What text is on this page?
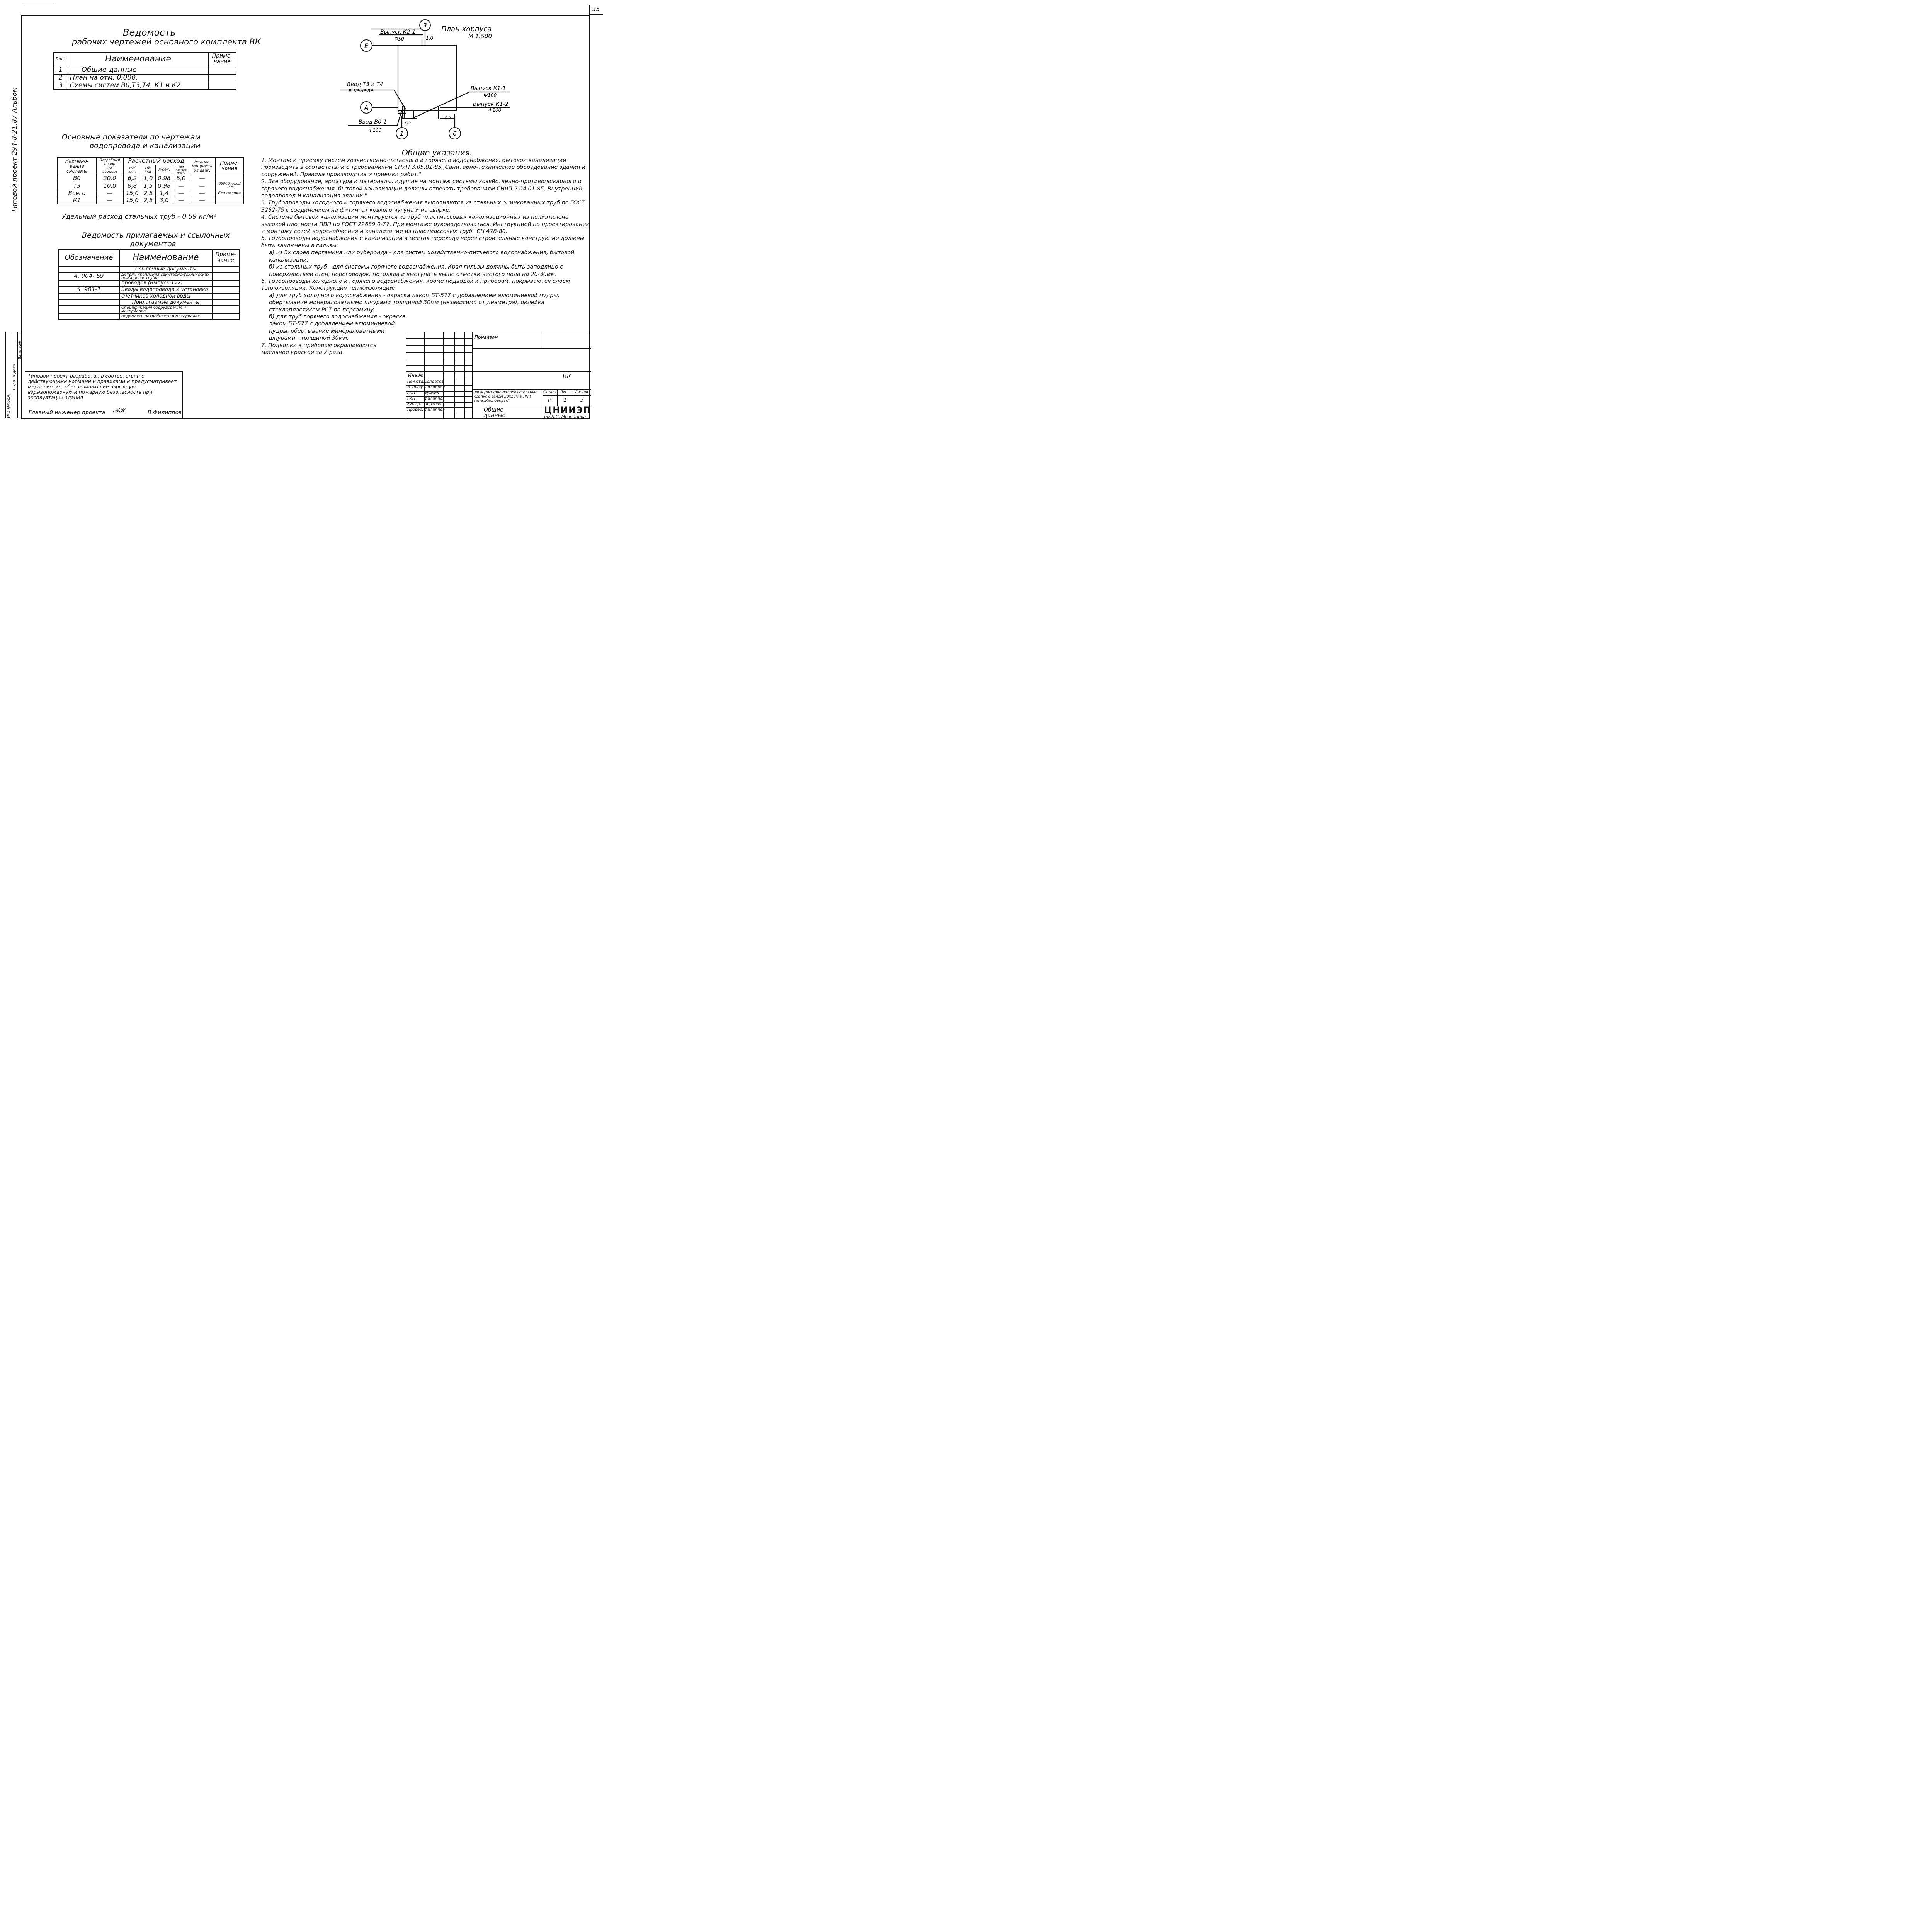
35
Типовой проект 294-8-21.87 Альбом
Инв.№подл.
Подп. и дата
Вз.инв.№
Ведомость
рабочих чертежей основного комплекта ВК
Лист	Наименование	Приме-
чание
1	Общие данные	
2	План на отм. 0.000.	
3	Схемы систем В0,Т3,Т4, К1 и К2	
Основные показатели по чертежам
водопровода и канализации
Наимено-
вание
системы	Потребный
напор
на
вводе,м	Расчетный расход				Установ.
мощность
эл.двиг.	Приме-
чания
		м3/
/сут.	м3/
/час	л/сек.	при
пожаре
л/сек.		
В0	20,0	6,2	1,0	0,98	5,0	—	
Т3	10,0	8,8	1,5	0,98	—	—	95000 ккал/час
Всего	—	15,0	2,5	1,4	—	—	без полива
К1	—	15,0	2,5	3,0	—	—	
Удельный расход стальных труб - 0,59 кг/м²
Ведомость прилагаемых и ссылочных
документов
Обозначение	Наименование	Приме-
чание
	Ссылочные документы	
4. 904- 69	Детали крепления санитарно-технических приборов и трубо-	
	проводов (Выпуск 1и2)	
5. 901-1	Вводы водопровода и установка	
	счетчиков холодной воды	
	Прилагаемые документы	
	Спецификация оборудования и материалов	
	Ведомость потребности в материалах	
3
Е
А
1	6
План корпуса
М 1:500
Выпуск К2-1
Ф50	1,0
Ввод Т3 и Т4
в канале	Выпуск К1-1
Ф100
Выпуск К1-2
Ф100
Ввод В0-1
Ф100
2,5
7,5
7,5
Общие указания.

1. Монтаж и приемку систем хозяйственно-питьевого и горячего водоснабжения, бытовой канализации производить в соответствии с требованиями СНиП 3.05.01-85,,Санитарно-техническое оборудование зданий и сооружений. Правила производства и приемки работ."

2. Все оборудование, арматура и материалы, идущие на монтаж системы хозяйственно-противопожарного и горячего водоснабжения, бытовой канализации должны отвечать требованиям СНиП 2.04.01-85,,Внутренний водопровод и канализация зданий."

3. Трубопроводы холодного и горячего водоснабжения выполняются из стальных оцинкованных труб по ГОСТ 3262-75 с соединением на фитингах ковкого чугуна и на сварке.

4. Система бытовой канализации монтируется из труб пластмассовых канализационных из полиэтилена высокой плотности ПВП по ГОСТ 22689.0-77. При монтаже руководствоваться,,Инструкцией по проектированию и монтажу сетей водоснабжения и канализации из пластмассовых труб" СН 478-80.

5. Трубопроводы водоснабжения и канализации в местах перехода через строительные конструкции должны быть заключены в гильзы:

а) из 3х слоев пергамина или рубероида - для систем хозяйственно-питьевого водоснабжения, бытовой канализации.

б) из стальных труб - для системы горячего водоснабжения. Края гильзы должны быть заподлицо с поверхностями стен, перегородок, потолков и выступать выше отметки чистого пола на 20-30мм.

6. Трубопроводы холодного и горячего водоснабжения, кроме подводок к приборам, покрываются слоем теплоизоляции. Конструкция теплоизоляции:

а) для труб холодного водоснабжения - окраска лаком БТ-577 с добавлением алюминиевой пудры, обертывание минераловатными шнурами толщиной 30мм (независимо от диаметра), оклейка стеклопластиком РСТ по пергамину.

б) для труб горячего водоснабжения - окраска лаком БТ-577 с добавлением алюминиевой пудры, обертывание минераловатными шнурами - толщиной 30мм.

7. Подводки к приборам окрашиваются масляной краской за 2 раза.

Типовой проект разработан в соответствии с действующими нормами и правилами и предусматривает мероприятия, обеспечивающие взрывную, взрывопожарную и пожарную безопасность при эксплуатации здания
Главный инженер проекта 𝓐𝓚	В.Филиппов.
Привязан
Инв.№	ВК
Нач.отд.Солдатов
Н.контр.Филиппов
ГИП Буцких
ГИП Филиппов
Рук.гр. Портная
Провер. Филиппов
Физкультурно-оздоровительный корпус с залом 30х18м в ЛПК типа,,Кисловодск"
Стадия Лист Листов
Р 1	3
Общие
данные	ЦНИИЭП
им.Б.С. Мезенцева
